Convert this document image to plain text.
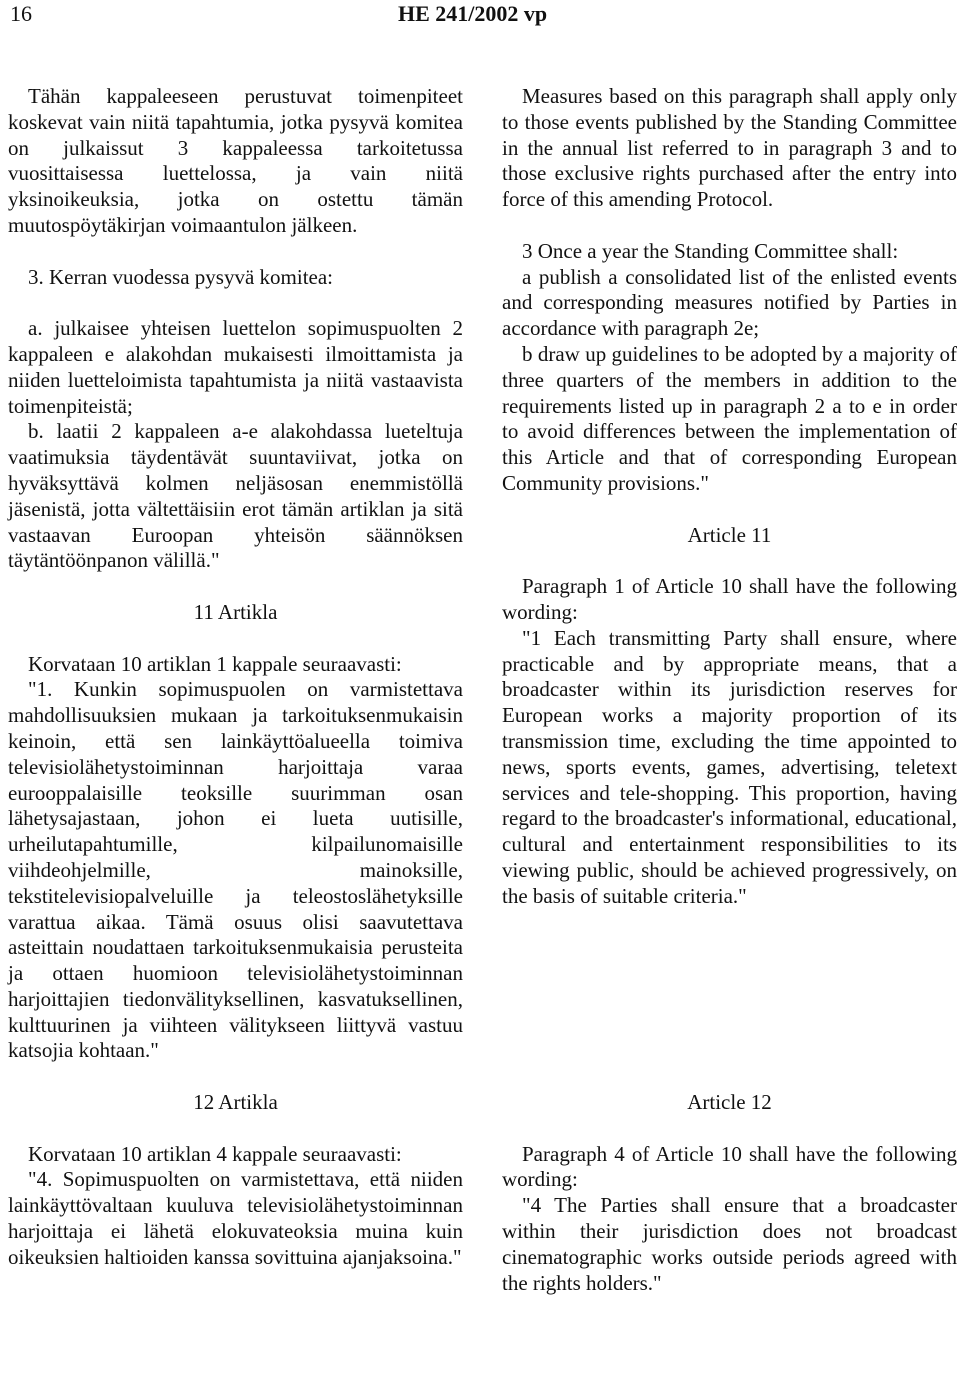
16	HE 241/2002 vp

Tähän kappaleeseen perustuvat toimenpiteet koskevat vain niitä tapahtumia, jotka pysyvä komitea on julkaissut 3 kappaleessa tarkoitetussa vuosittaisessa luettelossa, ja vain niitä yksinoikeuksia, jotka on ostettu tämän muutospöytäkirjan voimaantulon jälkeen.

3. Kerran vuodessa pysyvä komitea:

a. julkaisee yhteisen luettelon sopimuspuolten 2 kappaleen e alakohdan mukaisesti ilmoittamista ja niiden luetteloimista tapahtumista ja niitä vastaavista toimenpiteistä;

b. laatii 2 kappaleen a-e alakohdassa lueteltuja vaatimuksia täydentävät suuntaviivat, jotka on hyväksyttävä kolmen neljäsosan enemmistöllä jäsenistä, jotta vältettäisiin erot tämän artiklan ja sitä vastaavan Euroopan yhteisön säännöksen täytäntöönpanon välillä."

11 Artikla

Korvataan 10 artiklan 1 kappale seuraavasti:

"1. Kunkin sopimuspuolen on varmistettava mahdollisuuksien mukaan ja tarkoituksenmukaisin keinoin, että sen lainkäyttöalueella toimiva televisiolähetystoiminnan harjoittaja varaa eurooppalaisille teoksille suurimman osan lähetysajastaan, johon ei lueta uutisille, urheilutapahtumille, kilpailunomaisille viihdeohjelmille, mainoksille, tekstitelevisiopalveluille ja teleostoslähetyksille varattua aikaa. Tämä osuus olisi saavutettava asteittain noudattaen tarkoituksenmukaisia perusteita ja ottaen huomioon televisiolähetystoiminnan harjoittajien tiedonvälityksellinen, kasvatuksellinen, kulttuurinen ja viihteen välitykseen liittyvä vastuu katsojia kohtaan."

12 Artikla

Korvataan 10 artiklan 4 kappale seuraavasti:

"4. Sopimuspuolten on varmistettava, että niiden lainkäyttövaltaan kuuluva televisiolähetystoiminnan harjoittaja ei lähetä elokuvateoksia muina kuin oikeuksien haltioiden kanssa sovittuina ajanjaksoina."

Measures based on this paragraph shall apply only to those events published by the Standing Committee in the annual list referred to in paragraph 3 and to those exclusive rights purchased after the entry into force of this amending Protocol.

3 Once a year the Standing Committee shall:

a publish a consolidated list of the enlisted events and corresponding measures notified by Parties in accordance with paragraph 2e;

b draw up guidelines to be adopted by a majority of three quarters of the members in addition to the requirements listed up in paragraph 2 a to e in order to avoid differences between the implementation of this Article and that of corresponding European Community provisions."

Article 11

Paragraph 1 of Article 10 shall have the following wording:

"1 Each transmitting Party shall ensure, where practicable and by appropriate means, that a broadcaster within its jurisdiction reserves for European works a majority proportion of its transmission time, excluding the time appointed to news, sports events, games, advertising, teletext services and tele-shopping. This proportion, having regard to the broadcaster's informational, educational, cultural and entertainment responsibilities to its viewing public, should be achieved progressively, on the basis of suitable criteria."

Article 12

Paragraph 4 of Article 10 shall have the following wording:

"4 The Parties shall ensure that a broadcaster within their jurisdiction does not broadcast cinematographic works outside periods agreed with the rights holders."
